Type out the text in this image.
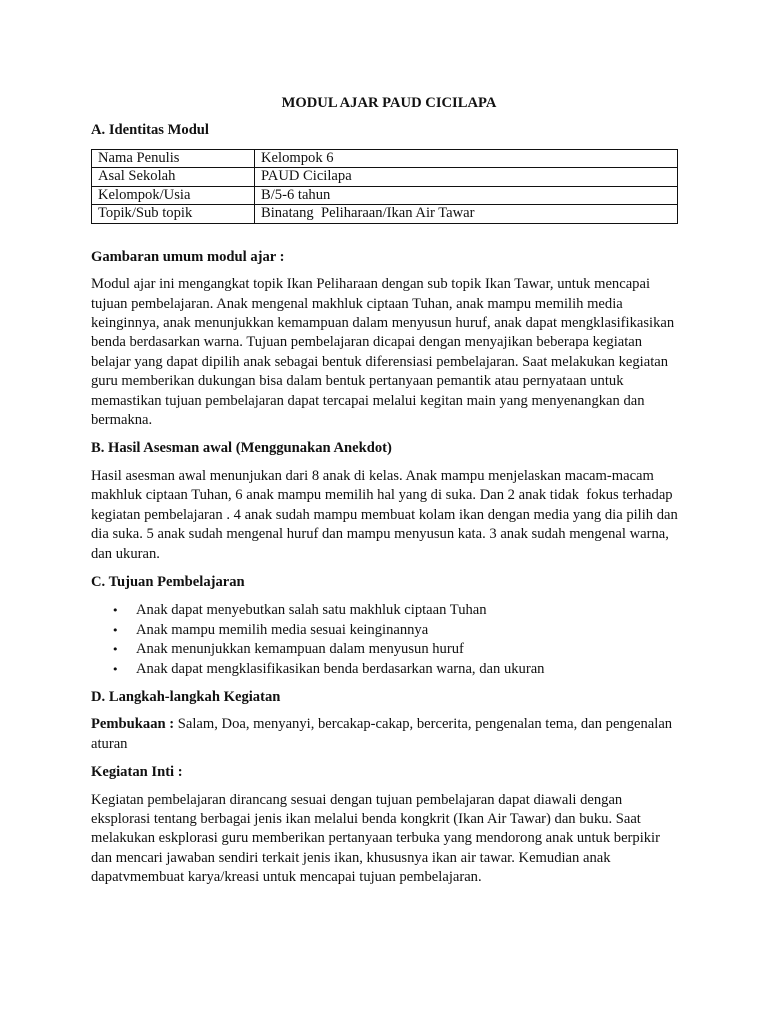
MODUL AJAR PAUD CICILAPA

A. Identitas Modul

Nama Penulis	Kelompok 6
Asal Sekolah	PAUD Cicilapa
Kelompok/Usia	B/5-6 tahun
Topik/Sub topik	Binatang  Peliharaan/Ikan Air Tawar

Gambaran umum modul ajar :

Modul ajar ini mengangkat topik Ikan Peliharaan dengan sub topik Ikan Tawar, untuk mencapai tujuan pembelajaran. Anak mengenal makhluk ciptaan Tuhan, anak mampu memilih media keinginnya, anak menunjukkan kemampuan dalam menyusun huruf, anak dapat mengklasifikasikan benda berdasarkan warna. Tujuan pembelajaran dicapai dengan menyajikan beberapa kegiatan belajar yang dapat dipilih anak sebagai bentuk diferensiasi pembelajaran. Saat melakukan kegiatan guru memberikan dukungan bisa dalam bentuk pertanyaan pemantik atau pernyataan untuk memastikan tujuan pembelajaran dapat tercapai melalui kegitan main yang menyenangkan dan bermakna.

B. Hasil Asesman awal (Menggunakan Anekdot)

Hasil asesman awal menunjukan dari 8 anak di kelas. Anak mampu menjelaskan macam-macam makhluk ciptaan Tuhan, 6 anak mampu memilih hal yang di suka. Dan 2 anak tidak  fokus terhadap kegiatan pembelajaran . 4 anak sudah mampu membuat kolam ikan dengan media yang dia pilih dan dia suka. 5 anak sudah mengenal huruf dan mampu menyusun kata. 3 anak sudah mengenal warna, dan ukuran.

C. Tujuan Pembelajaran

• Anak dapat menyebutkan salah satu makhluk ciptaan Tuhan
• Anak mampu memilih media sesuai keinginannya
• Anak menunjukkan kemampuan dalam menyusun huruf
• Anak dapat mengklasifikasikan benda berdasarkan warna, dan ukuran

D. Langkah-langkah Kegiatan

Pembukaan : Salam, Doa, menyanyi, bercakap-cakap, bercerita, pengenalan tema, dan pengenalan aturan

Kegiatan Inti :

Kegiatan pembelajaran dirancang sesuai dengan tujuan pembelajaran dapat diawali dengan eksplorasi tentang berbagai jenis ikan melalui benda kongkrit (Ikan Air Tawar) dan buku. Saat melakukan eskplorasi guru memberikan pertanyaan terbuka yang mendorong anak untuk berpikir dan mencari jawaban sendiri terkait jenis ikan, khususnya ikan air tawar. Kemudian anak dapatvmembuat karya/kreasi untuk mencapai tujuan pembelajaran.
